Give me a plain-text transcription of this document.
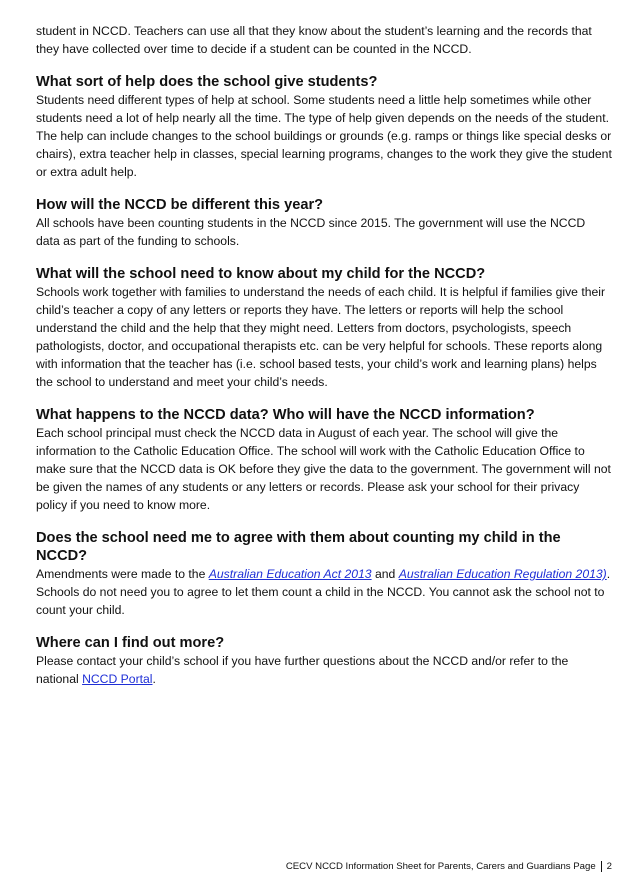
student in NCCD. Teachers can use all that they know about the student’s learning and the records that they have collected over time to decide if a student can be counted in the NCCD.

What sort of help does the school give students?

Students need different types of help at school. Some students need a little help sometimes while other students need a lot of help nearly all the time. The type of help given depends on the needs of the student. The help can include changes to the school buildings or grounds (e.g. ramps or things like special desks or chairs), extra teacher help in classes, special learning programs, changes to the work they give the student or extra adult help.

How will the NCCD be different this year?

All schools have been counting students in the NCCD since 2015. The government will use the NCCD data as part of the funding to schools.

What will the school need to know about my child for the NCCD?

Schools work together with families to understand the needs of each child. It is helpful if families give their child’s teacher a copy of any letters or reports they have. The letters or reports will help the school understand the child and the help that they might need. Letters from doctors, psychologists, speech pathologists, doctor, and occupational therapists etc. can be very helpful for schools. These reports along with information that the teacher has (i.e. school based tests, your child’s work and learning plans) helps the school to understand and meet your child’s needs.

What happens to the NCCD data? Who will have the NCCD information?

Each school principal must check the NCCD data in August of each year. The school will give the information to the Catholic Education Office. The school will work with the Catholic Education Office to make sure that the NCCD data is OK before they give the data to the government. The government will not be given the names of any students or any letters or records. Please ask your school for their privacy policy if you need to know more.

Does the school need me to agree with them about counting my child in the NCCD?

Amendments were made to the Australian Education Act 2013 and Australian Education Regulation 2013). Schools do not need you to agree to let them count a child in the NCCD. You cannot ask the school not to count your child.

Where can I find out more?

Please contact your child’s school if you have further questions about the NCCD and/or refer to the national NCCD Portal.

CECV NCCD Information Sheet for Parents, Carers and Guardians Page 2
